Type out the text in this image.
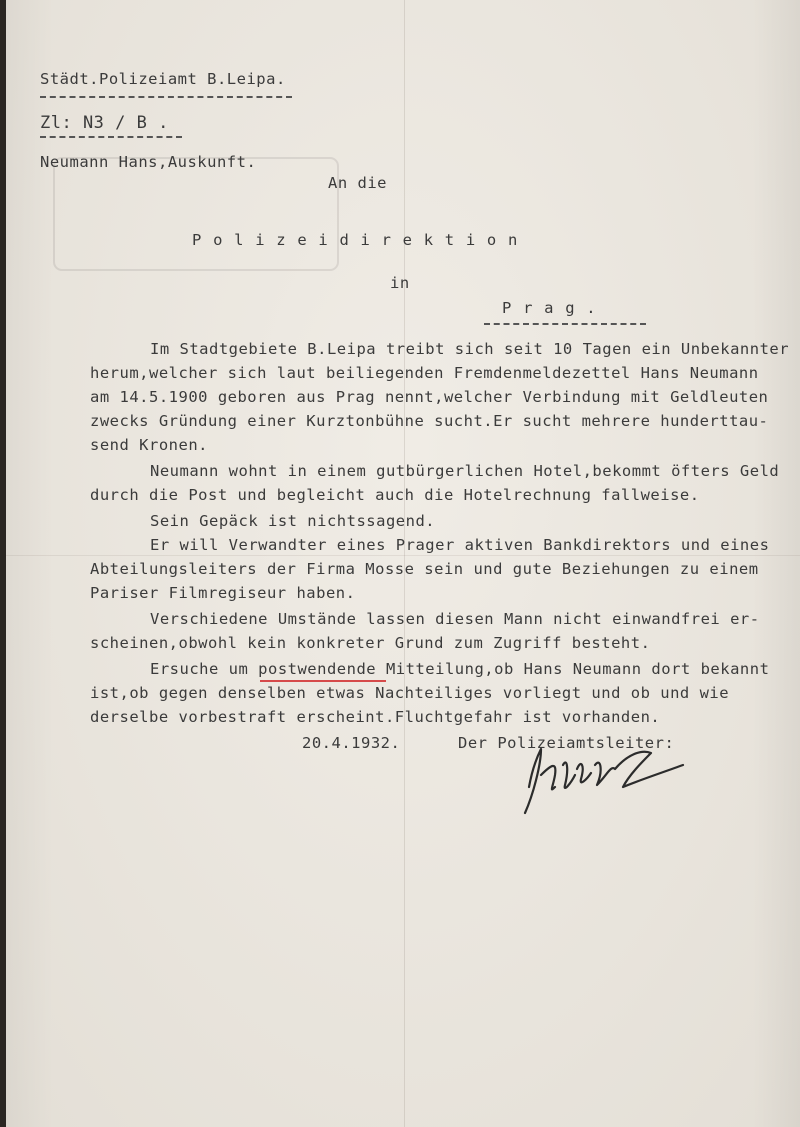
Städt.Polizeiamt B.Leipa.
Zl: N3 / B .
Neumann Hans,Auskunft.
An die
P o l i z e i d i r e k t i o n
in
P r a g .
Im Stadtgebiete B.Leipa treibt sich seit 10 Tagen ein Unbekannter
herum,welcher sich laut beiliegenden Fremdenmeldezettel Hans Neumann
am 14.5.1900 geboren aus Prag nennt,welcher Verbindung mit Geldleuten
zwecks Gründung einer Kurztonbühne sucht.Er sucht mehrere hunderttau-
send Kronen.
Neumann wohnt in einem gutbürgerlichen Hotel,bekommt öfters Geld
durch die Post und begleicht auch die Hotelrechnung fallweise.
Sein Gepäck ist nichtssagend.
Er will Verwandter eines Prager aktiven Bankdirektors und eines
Abteilungsleiters der Firma Mosse sein und gute Beziehungen zu einem
Pariser Filmregiseur haben.
Verschiedene Umstände lassen diesen Mann nicht einwandfrei er-
scheinen,obwohl kein konkreter Grund zum Zugriff besteht.
Ersuche um postwendende Mitteilung,ob Hans Neumann dort bekannt
ist,ob gegen denselben etwas Nachteiliges vorliegt und ob und wie
derselbe vorbestraft erscheint.Fluchtgefahr ist vorhanden.
20.4.1932.	Der Polizeiamtsleiter:
